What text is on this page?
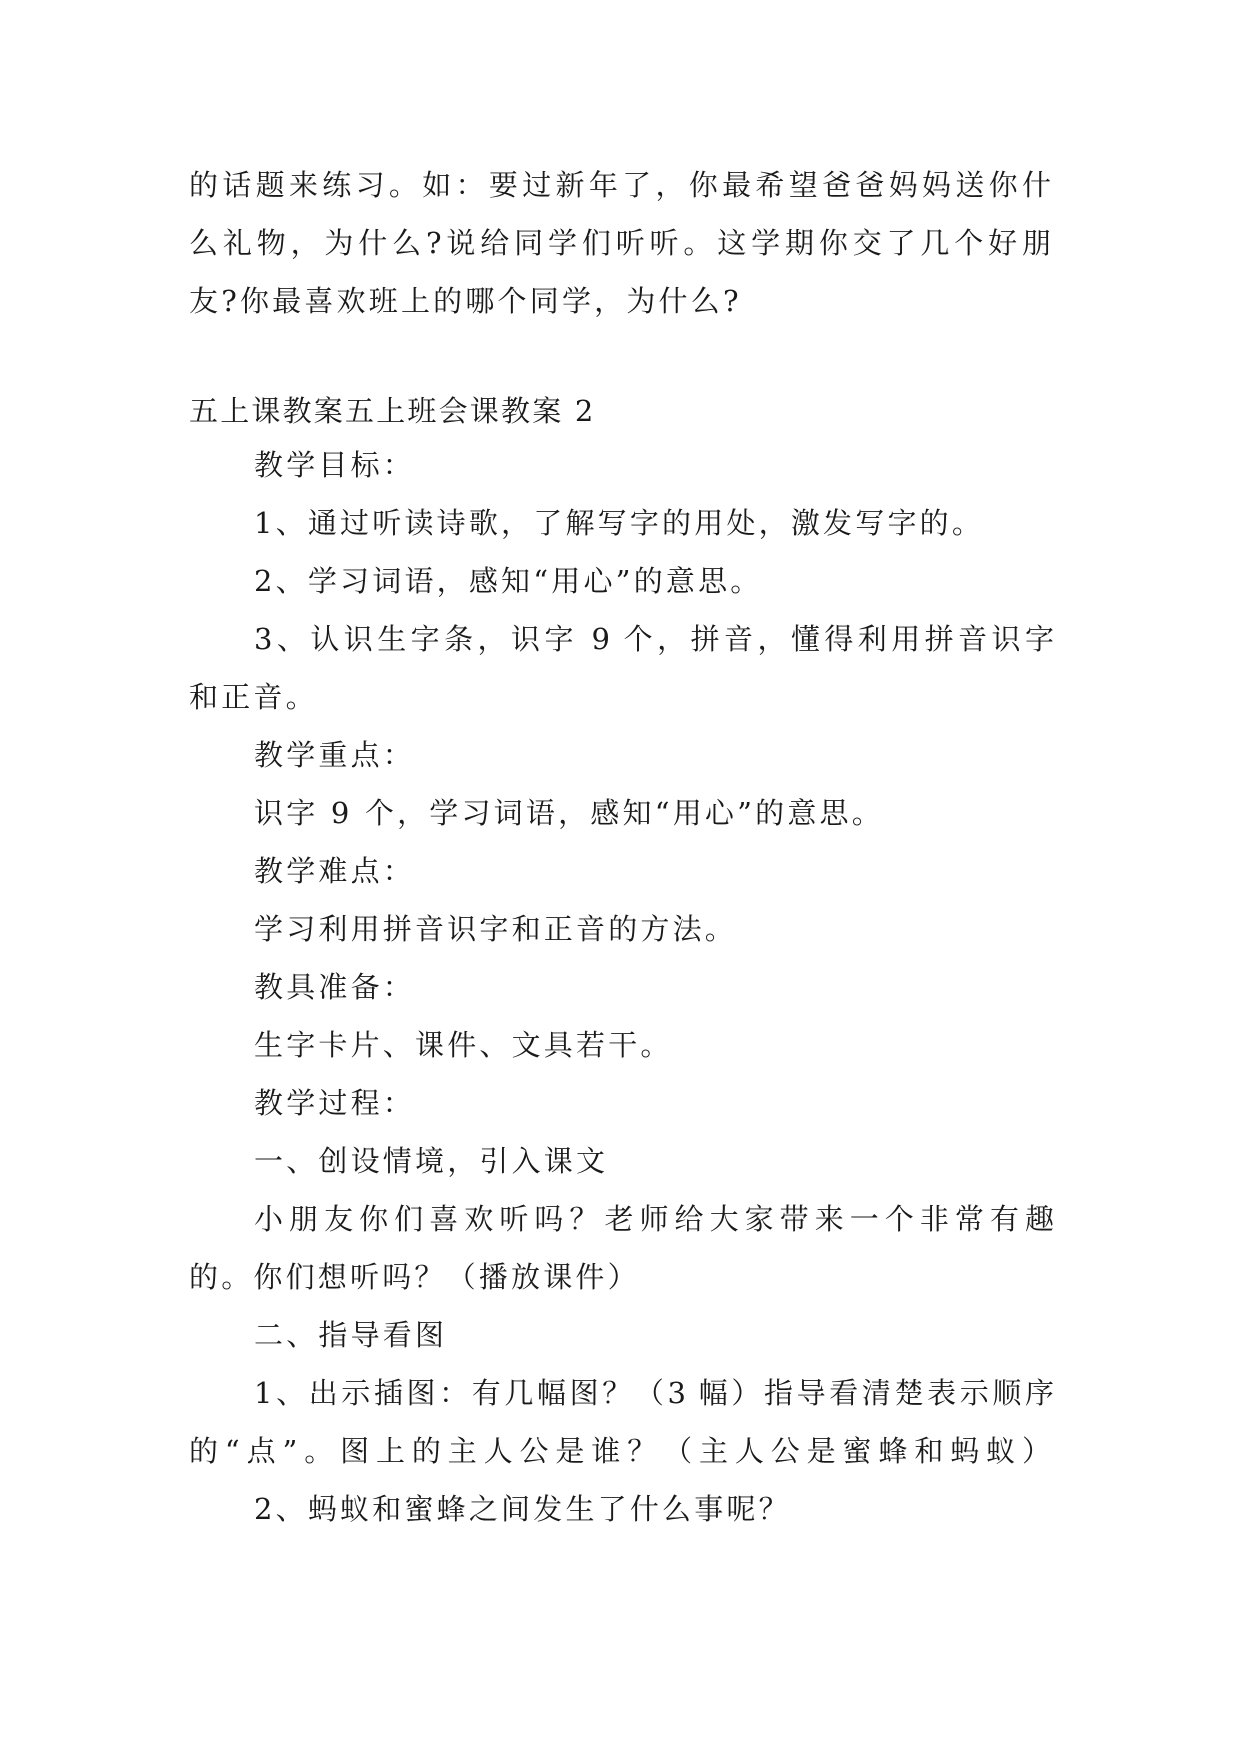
的话题来练习。如：要过新年了，你最希望爸爸妈妈送你什
么礼物，为什么?说给同学们听听。这学期你交了几个好朋
友?你最喜欢班上的哪个同学，为什么?
五上课教案五上班会课教案 2
教学目标：
1、通过听读诗歌，了解写字的用处，激发写字的。
2、学习词语，感知“用心”的意思。
3、认识生字条，识字 9 个，拼音，懂得利用拼音识字
和正音。
教学重点：
识字 9 个，学习词语，感知“用心”的意思。
教学难点：
学习利用拼音识字和正音的方法。
教具准备：
生字卡片、课件、文具若干。
教学过程：
一、创设情境，引入课文
小朋友你们喜欢听吗？老师给大家带来一个非常有趣
的。你们想听吗？（播放课件）
二、指导看图
1、出示插图：有几幅图？（3 幅）指导看清楚表示顺序
的“点”。图上的主人公是谁？（主人公是蜜蜂和蚂蚁）
2、蚂蚁和蜜蜂之间发生了什么事呢？
